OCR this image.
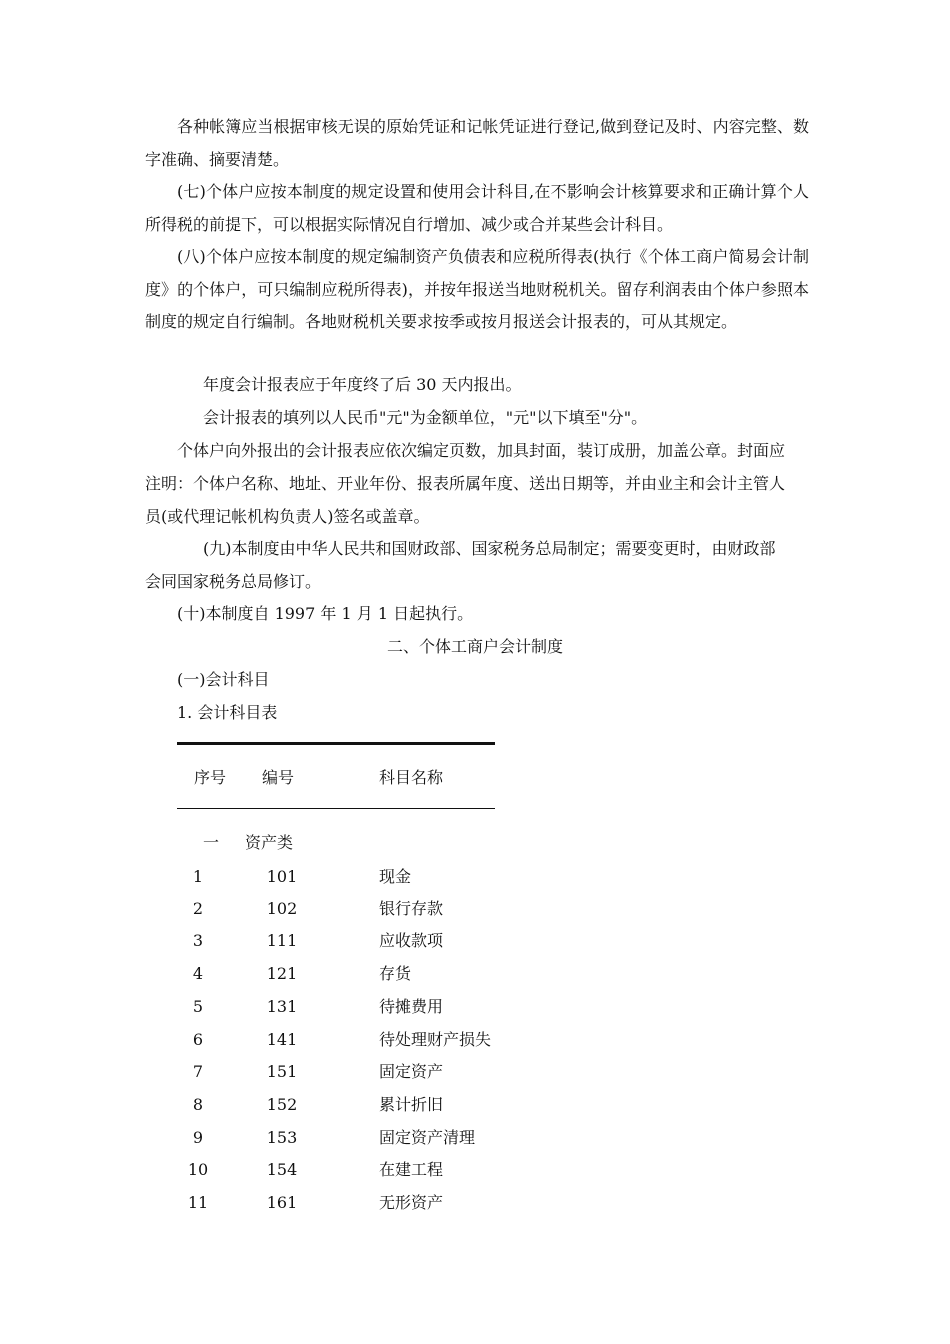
各种帐簿应当根据审核无误的原始凭证和记帐凭证进行登记,做到登记及时、内容完整、数字准确、摘要清楚。

(七)个体户应按本制度的规定设置和使用会计科目,在不影响会计核算要求和正确计算个人所得税的前提下，可以根据实际情况自行增加、减少或合并某些会计科目。

(八)个体户应按本制度的规定编制资产负债表和应税所得表(执行《个体工商户简易会计制度》的个体户，可只编制应税所得表)，并按年报送当地财税机关。留存利润表由个体户参照本制度的规定自行编制。各地财税机关要求按季或按月报送会计报表的，可从其规定。

年度会计报表应于年度终了后 30 天内报出。
会计报表的填列以人民币"元"为金额单位，"元"以下填至"分"。
个体户向外报出的会计报表应依次编定页数，加具封面，装订成册，加盖公章。封面应
注明：个体户名称、地址、开业年份、报表所属年度、送出日期等，并由业主和会计主管人
员(或代理记帐机构负责人)签名或盖章。
(九)本制度由中华人民共和国财政部、国家税务总局制定；需要变更时，由财政部
会同国家税务总局修订。
(十)本制度自 1997 年 1 月 1 日起执行。
二、个体工商户会计制度
(一)会计科目
1. 会计科目表
序号 编号	科目名称
一 资产类
1	101	现金
2	102	银行存款
3	111	应收款项
4	121	存货
5	131	待摊费用
6	141	待处理财产损失
7	151	固定资产
8	152	累计折旧
9	153	固定资产清理
10	154	在建工程
11	161	无形资产
